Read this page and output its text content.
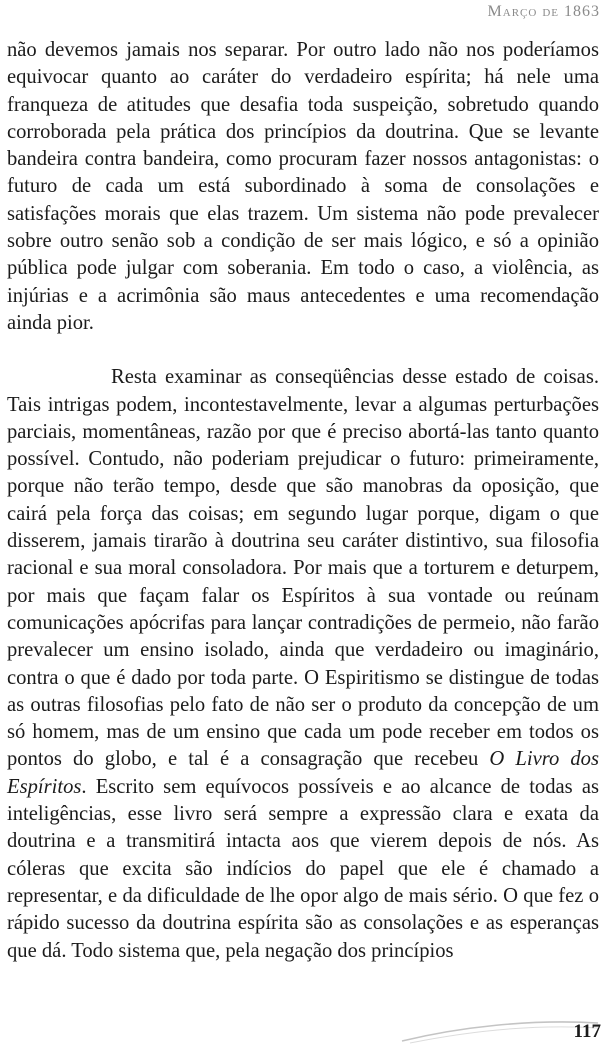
Março de 1863

não devemos jamais nos separar. Por outro lado não nos poderíamos equivocar quanto ao caráter do verdadeiro espírita; há nele uma franqueza de atitudes que desafia toda suspeição, sobretudo quando corroborada pela prática dos princípios da doutrina. Que se levante bandeira contra bandeira, como procuram fazer nossos antagonistas: o futuro de cada um está subordinado à soma de consolações e satisfações morais que elas trazem. Um sistema não pode prevalecer sobre outro senão sob a condição de ser mais lógico, e só a opinião pública pode julgar com soberania. Em todo o caso, a violência, as injúrias e a acrimônia são maus antecedentes e uma recomendação ainda pior.

Resta examinar as conseqüências desse estado de coisas. Tais intrigas podem, incontestavelmente, levar a algumas perturbações parciais, momentâneas, razão por que é preciso abortá-las tanto quanto possível. Contudo, não poderiam prejudicar o futuro: primeiramente, porque não terão tempo, desde que são manobras da oposição, que cairá pela força das coisas; em segundo lugar porque, digam o que disserem, jamais tirarão à doutrina seu caráter distintivo, sua filosofia racional e sua moral consoladora. Por mais que a torturem e deturpem, por mais que façam falar os Espíritos à sua vontade ou reúnam comunicações apócrifas para lançar contradições de permeio, não farão prevalecer um ensino isolado, ainda que verdadeiro ou imaginário, contra o que é dado por toda parte. O Espiritismo se distingue de todas as outras filosofias pelo fato de não ser o produto da concepção de um só homem, mas de um ensino que cada um pode receber em todos os pontos do globo, e tal é a consagração que recebeu O Livro dos Espíritos. Escrito sem equívocos possíveis e ao alcance de todas as inteligências, esse livro será sempre a expressão clara e exata da doutrina e a transmitirá intacta aos que vierem depois de nós. As cóleras que excita são indícios do papel que ele é chamado a representar, e da dificuldade de lhe opor algo de mais sério. O que fez o rápido sucesso da doutrina espírita são as consolações e as esperanças que dá. Todo sistema que, pela negação dos princípios

117
